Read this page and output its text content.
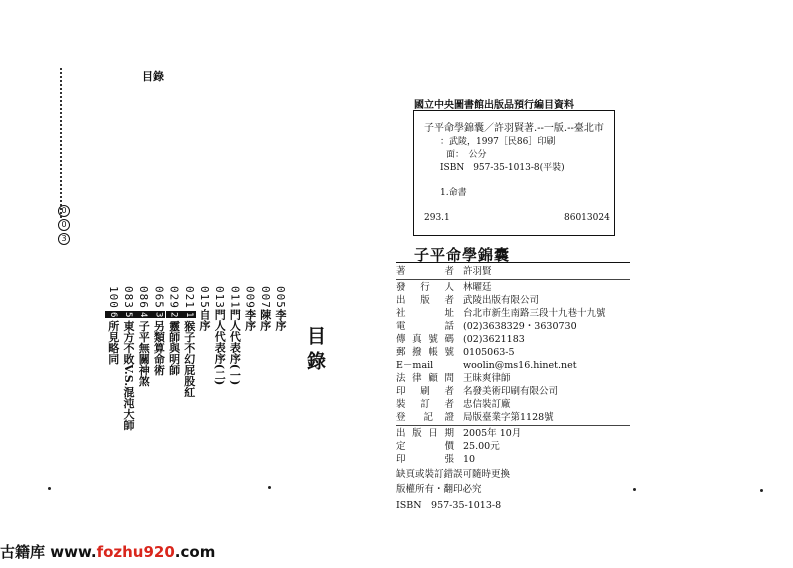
目錄
0
0
3
目錄
005李序
007陳序
009李序
011門人代表序(一)
013門人代表序(二)
015自序
0211猴子不幻屁股紅
0292靈師與明師
0653另類算命術
0864子平無關神煞
0835東方不敗V.S.混沌大師
1006所見略同
國立中央圖書館出版品預行編目資料
子平命學錦囊／許羽賢著.--一版.--臺北市
：武陵，1997［民86］印刷
面：　公分
ISBN　957-35-1013-8(平裝)
1.命書
293.1	86013024
子平命學錦囊
著　者 許羽賢
發行人 林曜廷
出版者 武陵出版有限公司
社　址 台北市新生南路三段十九巷十九號
電　話 (02)3638329・3630730
傳真號碼 (02)3621183
郵撥帳號 0105063-5
E－mail	woolin@ms16.hinet.net
法律顧問 王昧爽律師
印 刷 者 名發美術印刷有限公司
裝 訂 者 忠信裝訂廠
登　記 證 局版臺業字第1128號
出版日期 2005年 10月
定　　價 25.00元
印　　張 10
缺頁或裝訂錯誤可隨時更換
版權所有・翻印必究
ISBN　957-35-1013-8
古籍库 www.fozhu920.com
